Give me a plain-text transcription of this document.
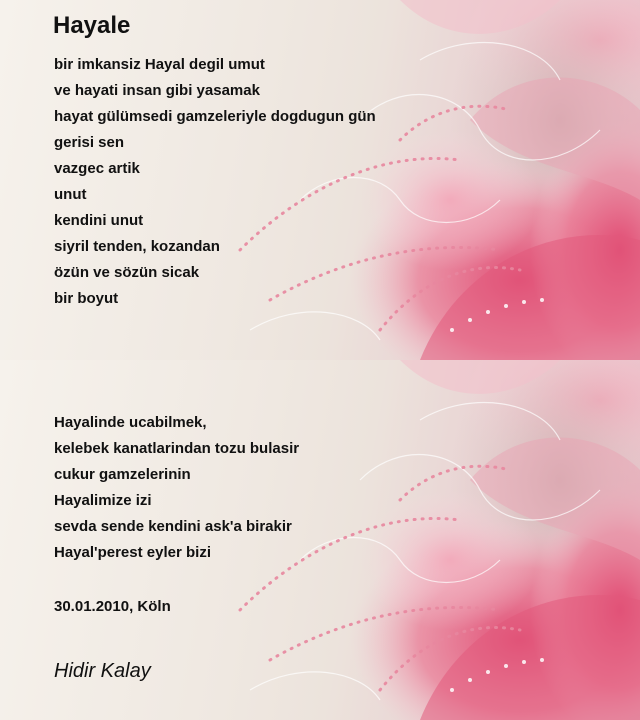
Hayale
bir imkansiz Hayal degil umut
ve hayati insan gibi yasamak
hayat gülümsedi gamzeleriyle dogdugun gün
gerisi sen
vazgec artik
unut
kendini unut
siyril tenden, kozandan
özün ve sözün sicak
bir boyut
Hayalinde ucabilmek,
kelebek kanatlarindan tozu bulasir
cukur gamzelerinin
Hayalimize izi
sevda sende kendini ask'a birakir
Hayal'perest eyler bizi
30.01.2010, Köln
Hidir Kalay
